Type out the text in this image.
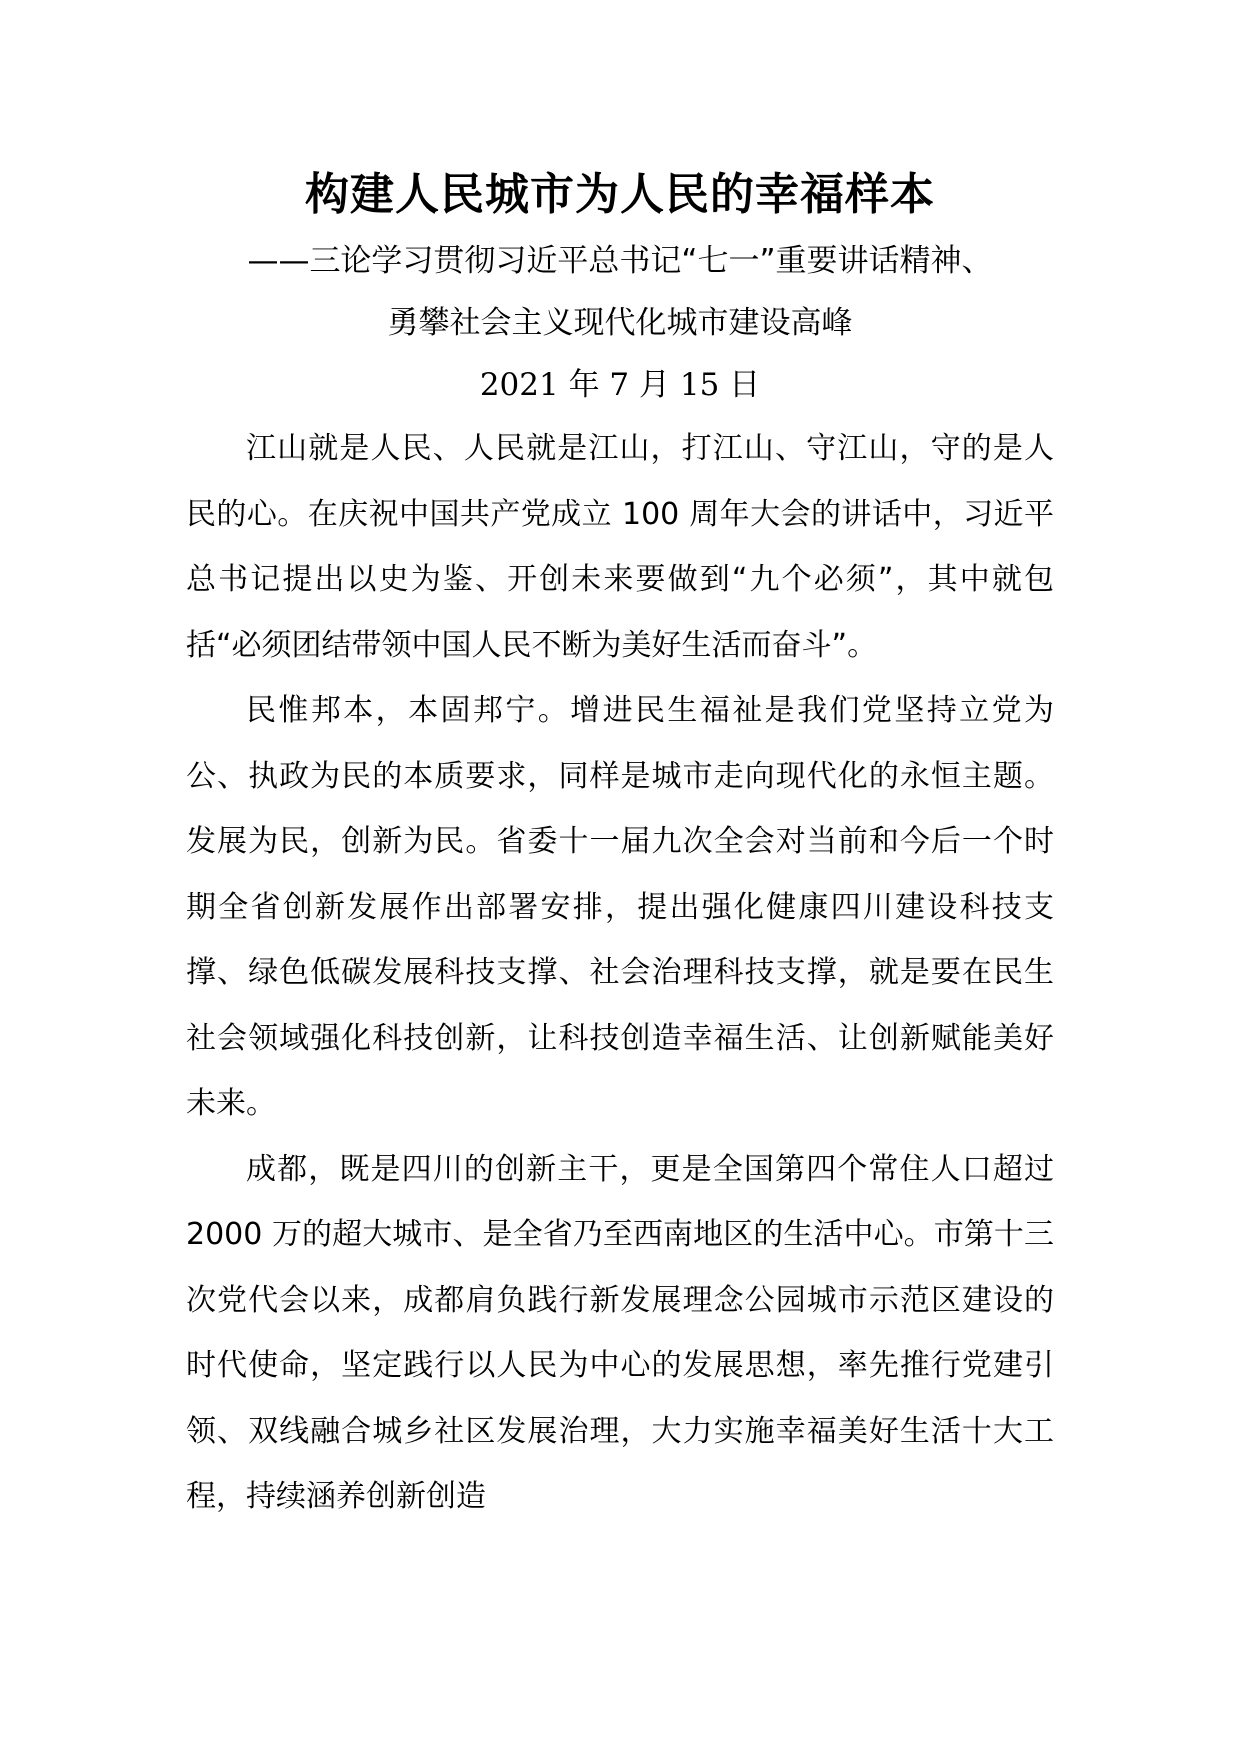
构建人民城市为人民的幸福样本

——三论学习贯彻习近平总书记“七一”重要讲话精神、

勇攀社会主义现代化城市建设高峰

2021 年 7 月 15 日

江山就是人民、人民就是江山，打江山、守江山，守的是人民的心。在庆祝中国共产党成立 100 周年大会的讲话中，习近平总书记提出以史为鉴、开创未来要做到“九个必须”，其中就包括“必须团结带领中国人民不断为美好生活而奋斗”。

民惟邦本，本固邦宁。增进民生福祉是我们党坚持立党为公、执政为民的本质要求，同样是城市走向现代化的永恒主题。发展为民，创新为民。省委十一届九次全会对当前和今后一个时期全省创新发展作出部署安排，提出强化健康四川建设科技支撑、绿色低碳发展科技支撑、社会治理科技支撑，就是要在民生社会领域强化科技创新，让科技创造幸福生活、让创新赋能美好未来。

成都，既是四川的创新主干，更是全国第四个常住人口超过 2000 万的超大城市、是全省乃至西南地区的生活中心。市第十三次党代会以来，成都肩负践行新发展理念公园城市示范区建设的时代使命，坚定践行以人民为中心的发展思想，率先推行党建引领、双线融合城乡社区发展治理，大力实施幸福美好生活十大工程，持续涵养创新创造
